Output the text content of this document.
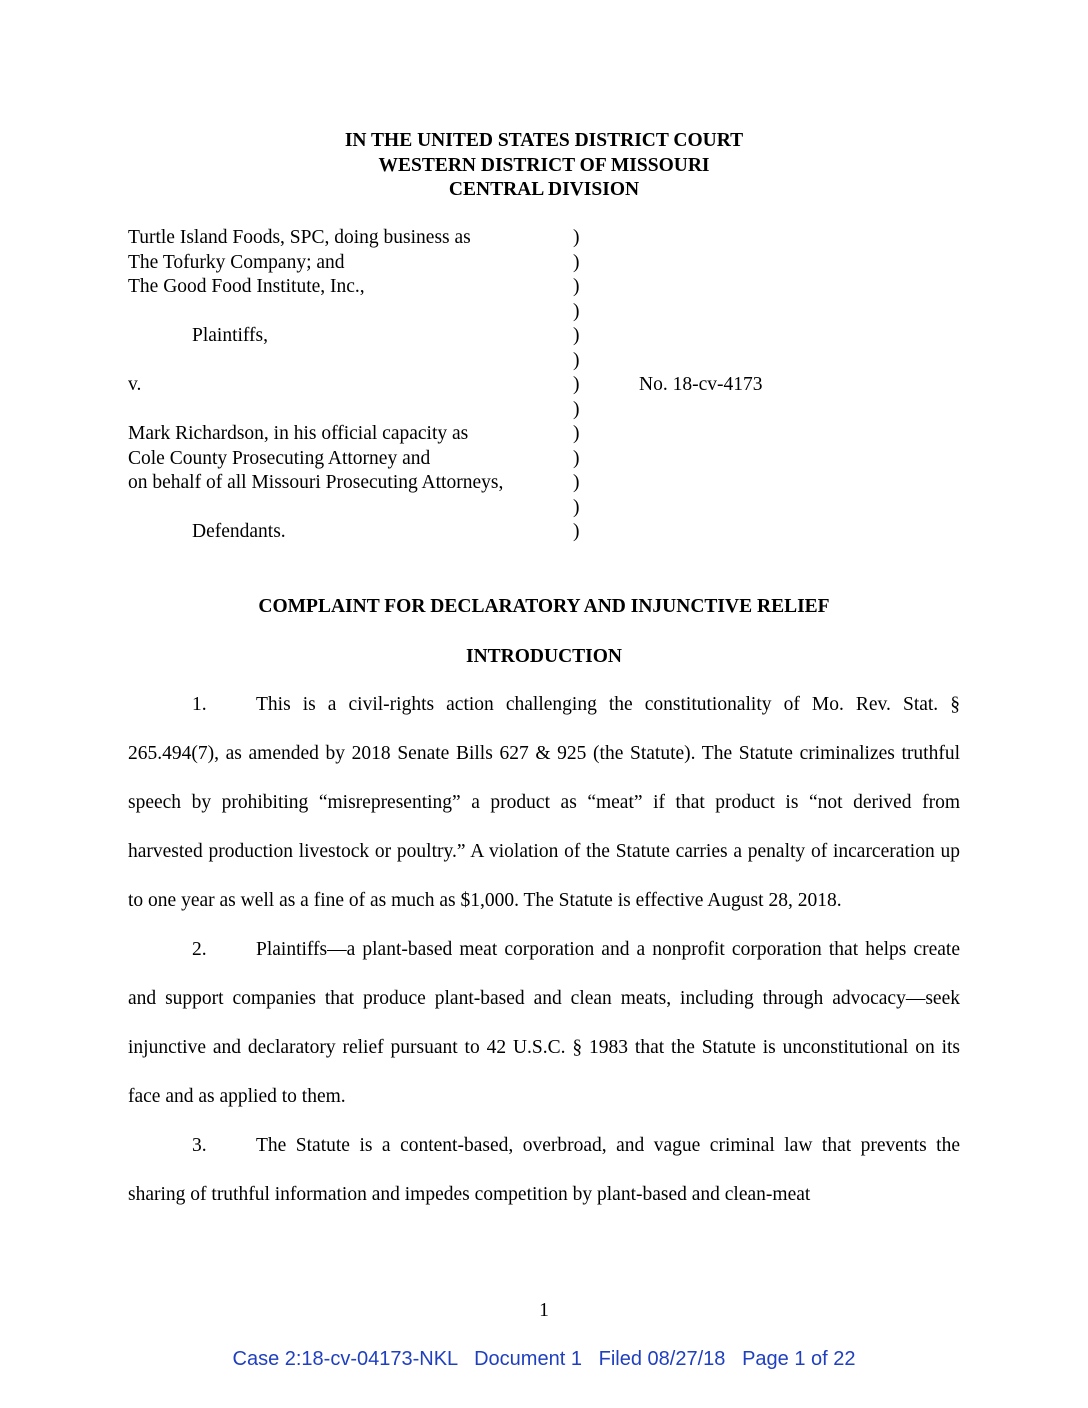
IN THE UNITED STATES DISTRICT COURT
WESTERN DISTRICT OF MISSOURI
CENTRAL DIVISION
Turtle Island Foods, SPC, doing business as	)
The Tofurky Company; and	)
The Good Food Institute, Inc.,	)
)
Plaintiffs,	)
)
v.	)	No. 18-cv-4173
)
Mark Richardson, in his official capacity as	)
Cole County Prosecuting Attorney and	)
on behalf of all Missouri Prosecuting Attorneys,	)
)
Defendants.	)
COMPLAINT FOR DECLARATORY AND INJUNCTIVE RELIEF
INTRODUCTION

1.	This is a civil-rights action challenging the constitutionality of Mo. Rev. Stat. § 265.494(7), as amended by 2018 Senate Bills 627 & 925 (the Statute). The Statute criminalizes truthful speech by prohibiting “misrepresenting” a product as “meat” if that product is “not derived from harvested production livestock or poultry.” A violation of the Statute carries a penalty of incarceration up to one year as well as a fine of as much as $1,000. The Statute is effective August 28, 2018.

2.	Plaintiffs—a plant-based meat corporation and a nonprofit corporation that helps create and support companies that produce plant-based and clean meats, including through advocacy—seek injunctive and declaratory relief pursuant to 42 U.S.C. § 1983 that the Statute is unconstitutional on its face and as applied to them.

3.	The Statute is a content-based, overbroad, and vague criminal law that prevents the sharing of truthful information and impedes competition by plant-based and clean-meat

1
Case 2:18-cv-04173-NKL Document 1 Filed 08/27/18 Page 1 of 22
